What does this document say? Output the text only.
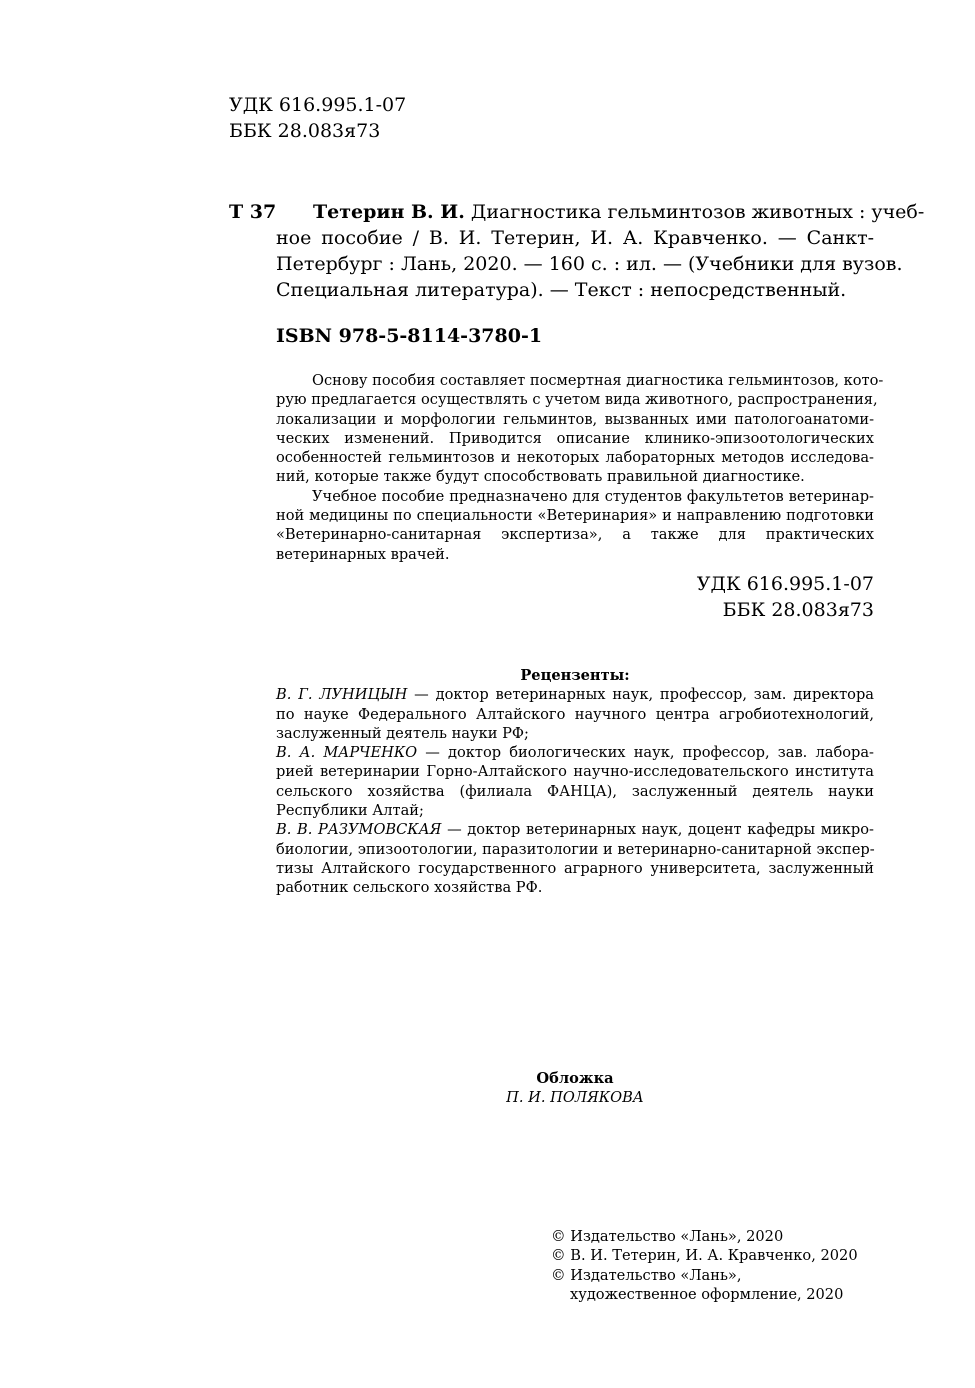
УДК 616.995.1-07
ББК 28.083я73
Т 37	Тетерин В. И. Диагностика гельминтозов животных : учеб-
ное пособие / В. И. Тетерин, И. А. Кравченко. — Санкт-
Петербург : Лань, 2020. — 160 с. : ил. — (Учебники для вузов.
Специальная литература). — Текст : непосредственный.
ISBN 978-5-8114-3780-1
Основу пособия составляет посмертная диагностика гельминтозов, кото-
рую предлагается осуществлять с учетом вида животного, распространения,
локализации и морфологии гельминтов, вызванных ими патологоанатоми-
ческих изменений. Приводится описание клинико-эпизоотологических
особенностей гельминтозов и некоторых лабораторных методов исследова-
ний, которые также будут способствовать правильной диагностике.
Учебное пособие предназначено для студентов факультетов ветеринар-
ной медицины по специальности «Ветеринария» и направлению подготовки
«Ветеринарно-санитарная экспертиза», а также для практических
ветеринарных врачей.
УДК 616.995.1-07
ББК 28.083я73
Рецензенты:
В. Г. ЛУНИЦЫН — доктор ветеринарных наук, профессор, зам. директора
по науке Федерального Алтайского научного центра агробиотехнологий,
заслуженный деятель науки РФ;
В. А. МАРЧЕНКО — доктор биологических наук, профессор, зав. лабора-
рией ветеринарии Горно-Алтайского научно-исследовательского института
сельского хозяйства (филиала ФАНЦА), заслуженный деятель науки
Республики Алтай;
В. В. РАЗУМОВСКАЯ — доктор ветеринарных наук, доцент кафедры микро-
биологии, эпизоотологии, паразитологии и ветеринарно-санитарной экспер-
тизы Алтайского государственного аграрного университета, заслуженный
работник сельского хозяйства РФ.
Обложка
П. И. ПОЛЯКОВА
© Издательство «Лань», 2020
© В. И. Тетерин, И. А. Кравченко, 2020
© Издательство «Лань»,
художественное оформление, 2020
